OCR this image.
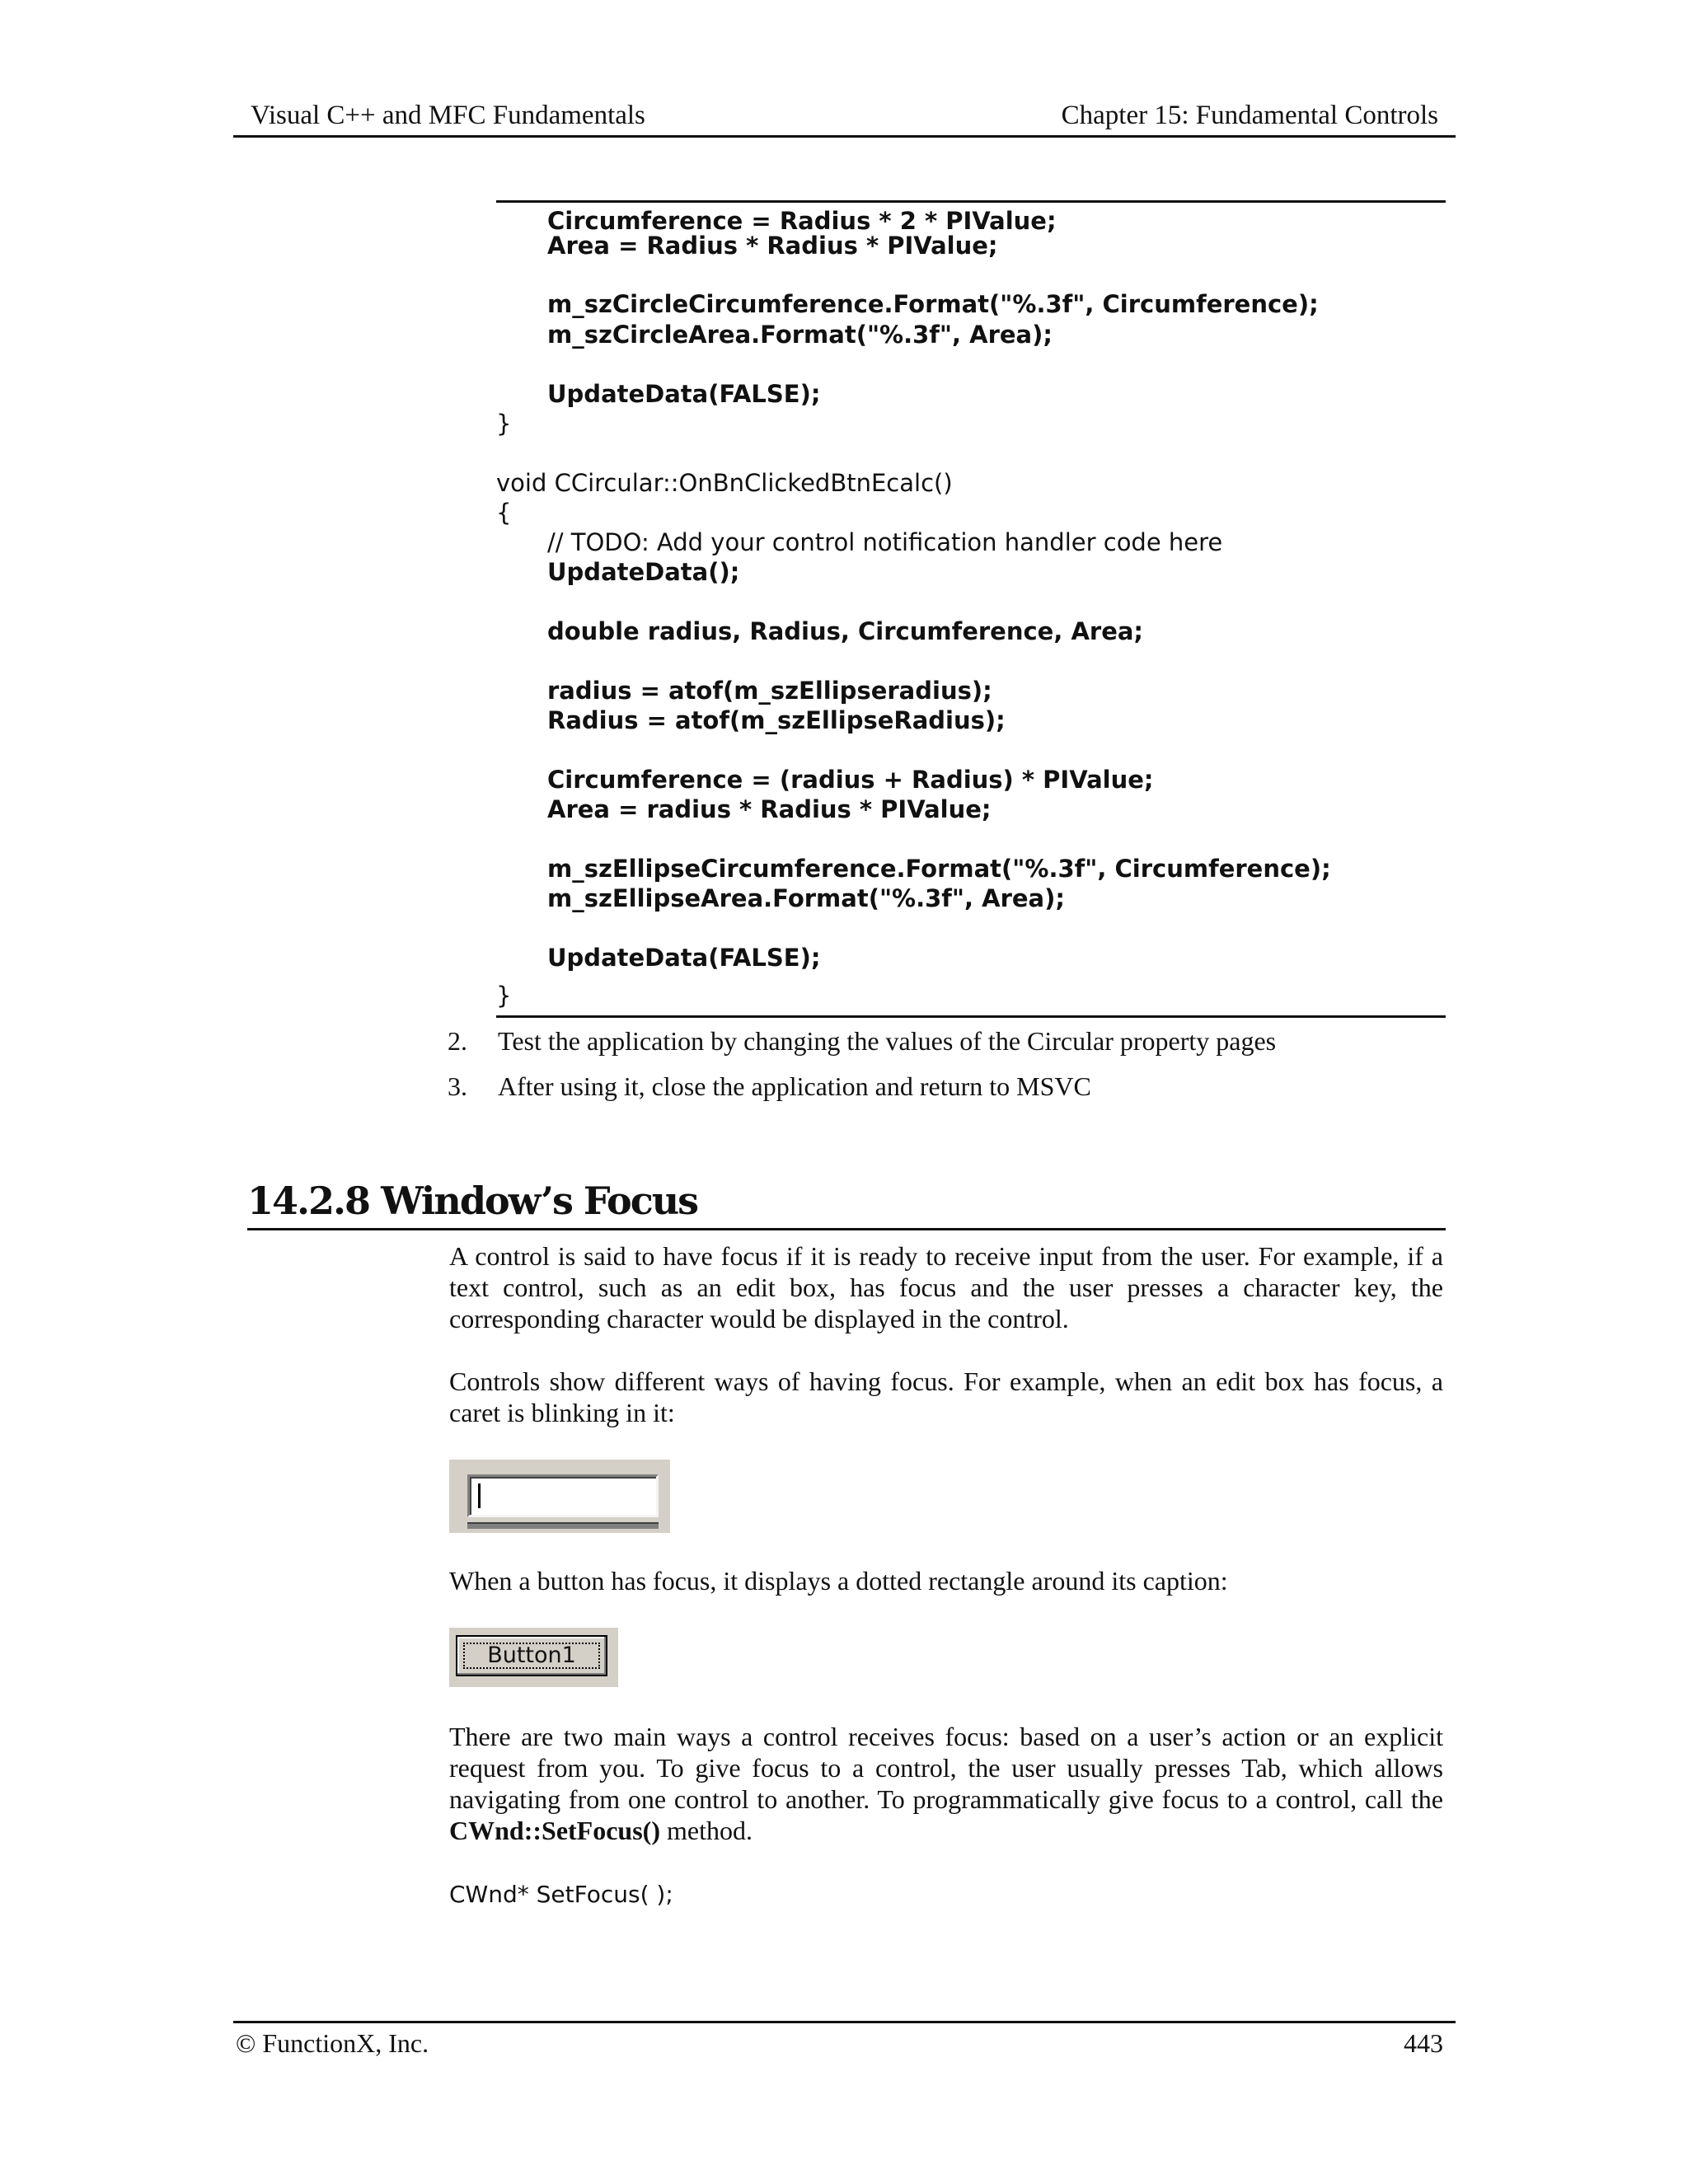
Visual C++ and MFC Fundamentals	Chapter 15: Fundamental Controls
Circumference = Radius * 2 * PIValue;
Area = Radius * Radius * PIValue;
m_szCircleCircumference.Format("%.3f", Circumference);
m_szCircleArea.Format("%.3f", Area);
UpdateData(FALSE);
}
void CCircular::OnBnClickedBtnEcalc()
{
// TODO: Add your control notification handler code here
UpdateData();
double radius, Radius, Circumference, Area;
radius = atof(m_szEllipseradius);
Radius = atof(m_szEllipseRadius);
Circumference = (radius + Radius) * PIValue;
Area = radius * Radius * PIValue;
m_szEllipseCircumference.Format("%.3f", Circumference);
m_szEllipseArea.Format("%.3f", Area);
UpdateData(FALSE);
}
2. Test the application by changing the values of the Circular property pages
3. After using it, close the application and return to MSVC
14.2.8 Window’s Focus
A control is said to have focus if it is ready to receive input from the user. For example, if a text control, such as an edit box, has focus and the user presses a character key, the corresponding character would be displayed in the control.
Controls show different ways of having focus. For example, when an edit box has focus, a caret is blinking in it:
When a button has focus, it displays a dotted rectangle around its caption:
Button1
There are two main ways a control receives focus: based on a user’s action or an explicit request from you. To give focus to a control, the user usually presses Tab, which allows navigating from one control to another. To programmatically give focus to a control, call the CWnd::SetFocus() method.
CWnd* SetFocus( );
© FunctionX, Inc.	443
